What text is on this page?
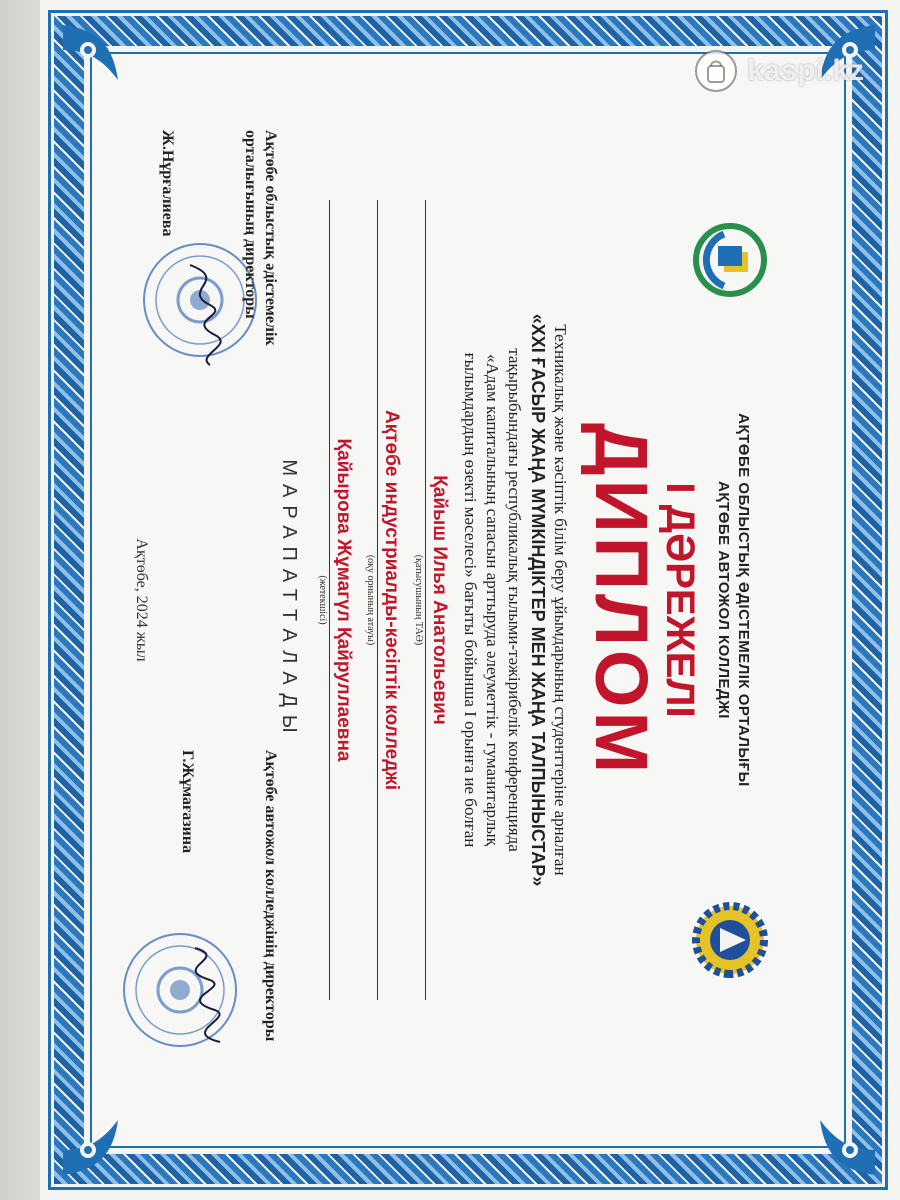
АҚТӨБЕ ОБЛЫСТЫҚ ӘДІСТЕМЕЛІК ОРТАЛЫҒЫ
АҚТӨБЕ АВТОЖОЛ КОЛЛЕДЖІ
I ДӘРЕЖЕЛІ
ДИПЛОМ
Техникалық және кәсіптік білім беру ұйымдарының студенттеріне арналған
«XXI ҒАСЫР ЖАҢА МҮМКІНДІКТЕР МЕН ЖАҢА ТАЛПЫНЫСТАР»
тақырыбындағы республикалық ғылыми-тәжірибелік конференцияда
«Адам капиталының сапасын арттыруда әлеуметтік - гуманитарлық
ғылымдардың өзекті мәселесі» бағыты бойынша I орынға ие болған
Қайыш Илья Анатольевич
(қатысушының ТАӘ)
Ақтөбе индустриалды-кәсіптік колледжі
(оқу орнының атауы)
Қайырова Жұмагүл Қайруллаевна
(жетекшісі)
МАРАПАТТАЛАДЫ
Ақтөбе облыстық әдістемелік орталығының директоры
Ж.Нұрғалиева
Ақтөбе автожол колледжінің директоры
Г.Жұмағазина
Ақтөбе, 2024 жыл
kaspi.kz
